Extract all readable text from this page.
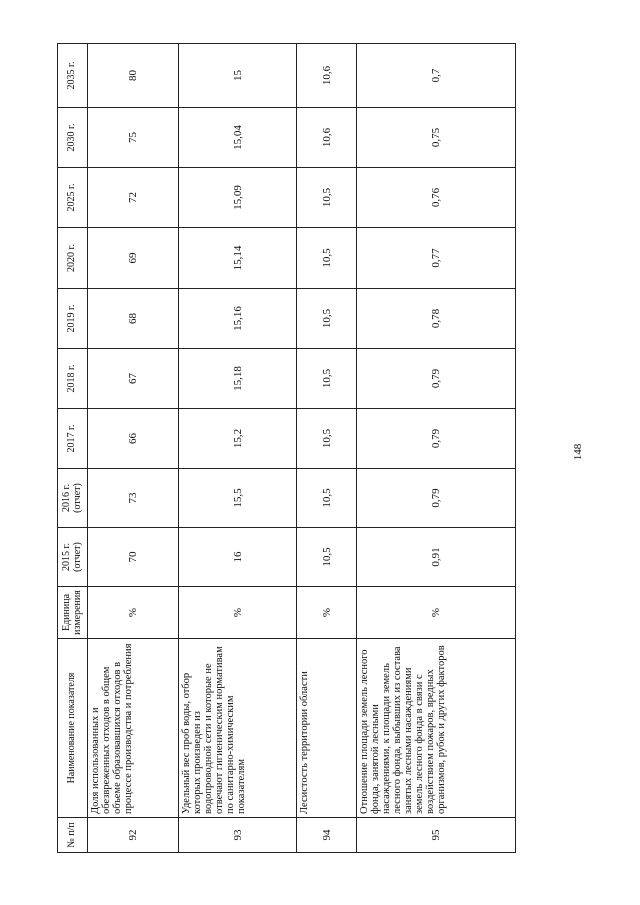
№ п/п	Наименование показателя	Единица измерения	2015 г. (отчет)	2016 г. (отчет)	2017 г.	2018 г.	2019 г.	2020 г.	2025 г.	2030 г.	2035 г.
92	Доля использованных и обезвреженных отходов в общем объеме образовавшихся отходов в процессе производства и потребления	%	70	73	66	67	68	69	72	75	80
93	Удельный вес проб воды, отбор которых произведен из водопроводной сети и которые не отвечают гигиеническим нормативам по санитарно-химическим показателям	%	16	15,5	15,2	15,18	15,16	15,14	15,09	15,04	15
94	Лесистость территории области	%	10,5	10,5	10,5	10,5	10,5	10,5	10,5	10,6	10,6
95	Отношение площади земель лесного фонда, занятой лесными насаждениями, к площади земель лесного фонда, выбывших из состава занятых лесными насаждениями земель лесного фонда в связи с воздействием пожаров, вредных организмов, рубок и других факторов	%	0,91	0,79	0,79	0,79	0,78	0,77	0,76	0,75	0,7
148
